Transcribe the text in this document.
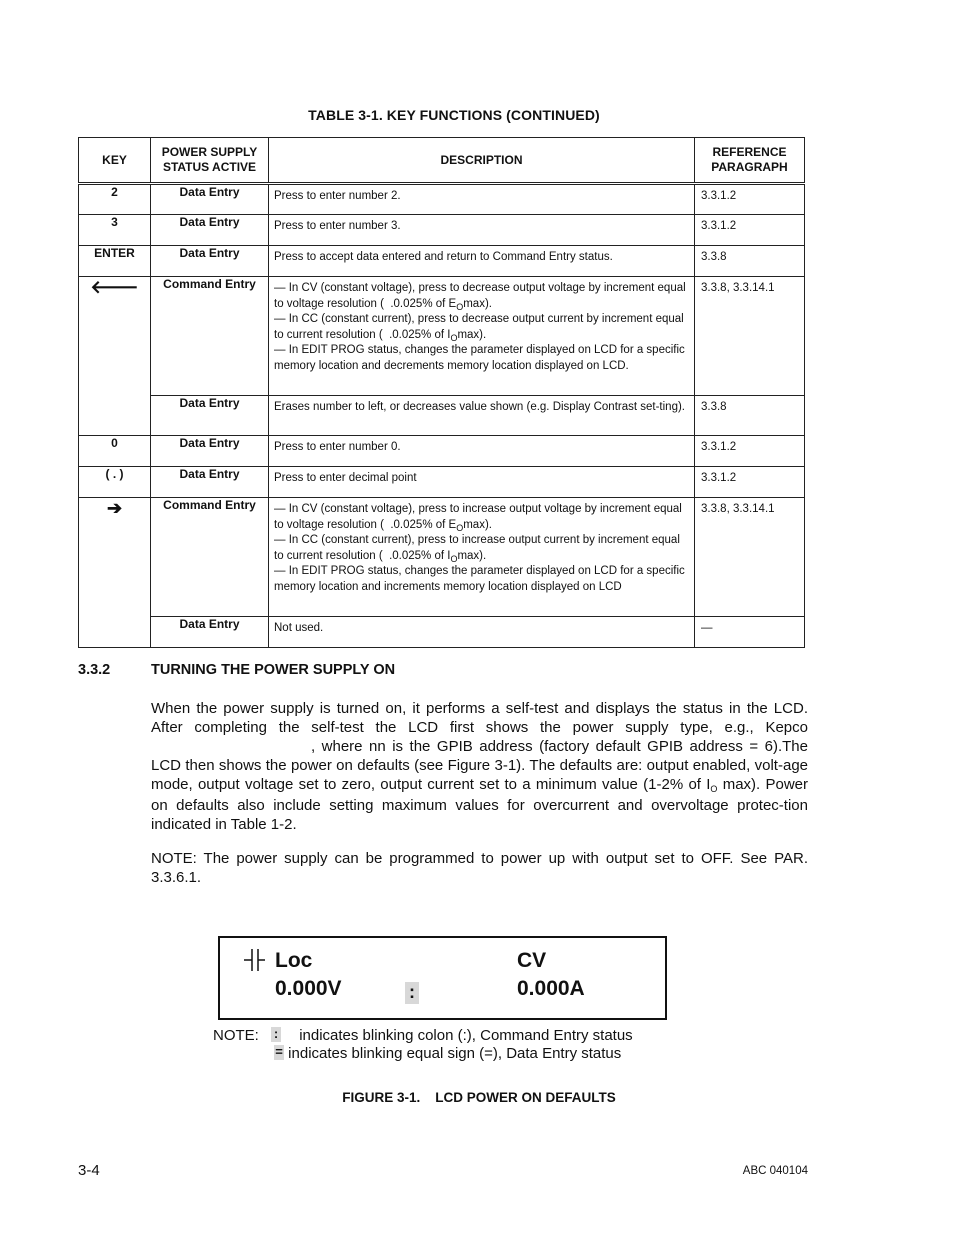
TABLE 3-1. KEY FUNCTIONS (CONTINUED)
KEY	POWER SUPPLY
STATUS ACTIVE	DESCRIPTION	REFERENCE
PARAGRAPH
2	Data Entry	Press to enter number 2.	3.3.1.2
3	Data Entry	Press to enter number 3.	3.3.1.2
ENTER	Data Entry	Press to accept data entered and return to Command Entry status.	3.3.8
🡐	Command Entry	— In CV (constant voltage), press to decrease output voltage by increment equal to voltage resolution ( .0.025% of $E_O\max$).
— In CC (constant current), press to decrease output current by increment equal to current resolution ( .0.025% of $I_O\max$).
— In EDIT PROG status, changes the parameter displayed on LCD for a specific memory location and decrements memory location displayed on LCD.	3.3.8, 3.3.14.1
	Data Entry	Erases number to left, or decreases value shown (e.g. Display Contrast set-ting).	3.3.8
0	Data Entry	Press to enter number 0.	3.3.1.2
( . )	Data Entry	Press to enter decimal point	3.3.1.2
➔	Command Entry	— In CV (constant voltage), press to increase output voltage by increment equal to voltage resolution ( .0.025% of $E_O\max$).
— In CC (constant current), press to increase output current by increment equal to current resolution ( .0.025% of $I_O\max$).
— In EDIT PROG status, changes the parameter displayed on LCD for a specific memory location and increments memory location displayed on LCD	3.3.8, 3.3.14.1
	Data Entry	Not used.	—
3.3.2	TURNING THE POWER SUPPLY ON
When the power supply is turned on, it performs a self-test and displays the status in the LCD. After completing the self-test the LCD first shows the power supply type, e.g., Kepco , where nn is the GPIB address (factory default GPIB address = 6).The LCD then shows the power on defaults (see Figure 3-1). The defaults are: output enabled, volt-age mode, output voltage set to zero, output current set to a minimum value (1-2% of $I_O$ max). Power on defaults also include setting maximum values for overcurrent and overvoltage protec-tion indicated in Table 1-2.
NOTE: The power supply can be programmed to power up with output set to OFF. See PAR. 3.3.6.1.
Loc	CV
0.000V	:	0.000A
NOTE: : indicates blinking colon (:), Command Entry status
= indicates blinking equal sign (=), Data Entry status
FIGURE 3-1.    LCD POWER ON DEFAULTS
3-4	ABC 040104
